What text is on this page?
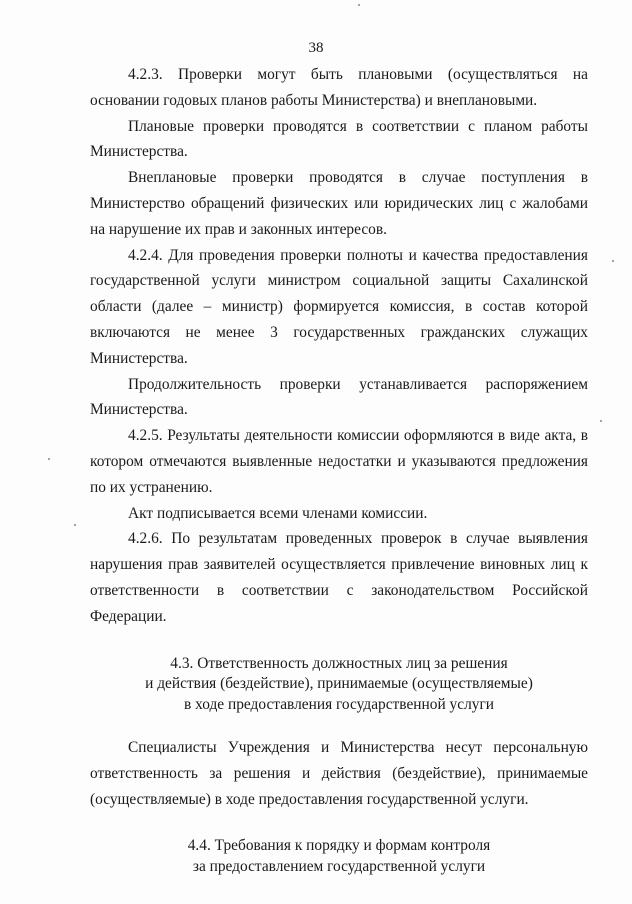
38

4.2.3. Проверки могут быть плановыми (осуществляться на основании годовых планов работы Министерства) и внеплановыми.

Плановые проверки проводятся в соответствии с планом работы Министерства.

Внеплановые проверки проводятся в случае поступления в Министерство обращений физических или юридических лиц с жалобами на нарушение их прав и законных интересов.

4.2.4. Для проведения проверки полноты и качества предоставления государственной услуги министром социальной защиты Сахалинской области (далее – министр) формируется комиссия, в состав которой включаются не менее 3 государственных гражданских служащих Министерства.

Продолжительность проверки устанавливается распоряжением Министерства.

4.2.5. Результаты деятельности комиссии оформляются в виде акта, в котором отмечаются выявленные недостатки и указываются предложения по их устранению.

Акт подписывается всеми членами комиссии.

4.2.6. По результатам проведенных проверок в случае выявления нарушения прав заявителей осуществляется привлечение виновных лиц к ответственности в соответствии с законодательством Российской Федерации.

4.3. Ответственность должностных лиц за решения
и действия (бездействие), принимаемые (осуществляемые)
в ходе предоставления государственной услуги

Специалисты Учреждения и Министерства несут персональную ответственность за решения и действия (бездействие), принимаемые (осуществляемые) в ходе предоставления государственной услуги.

4.4. Требования к порядку и формам контроля
за предоставлением государственной услуги
